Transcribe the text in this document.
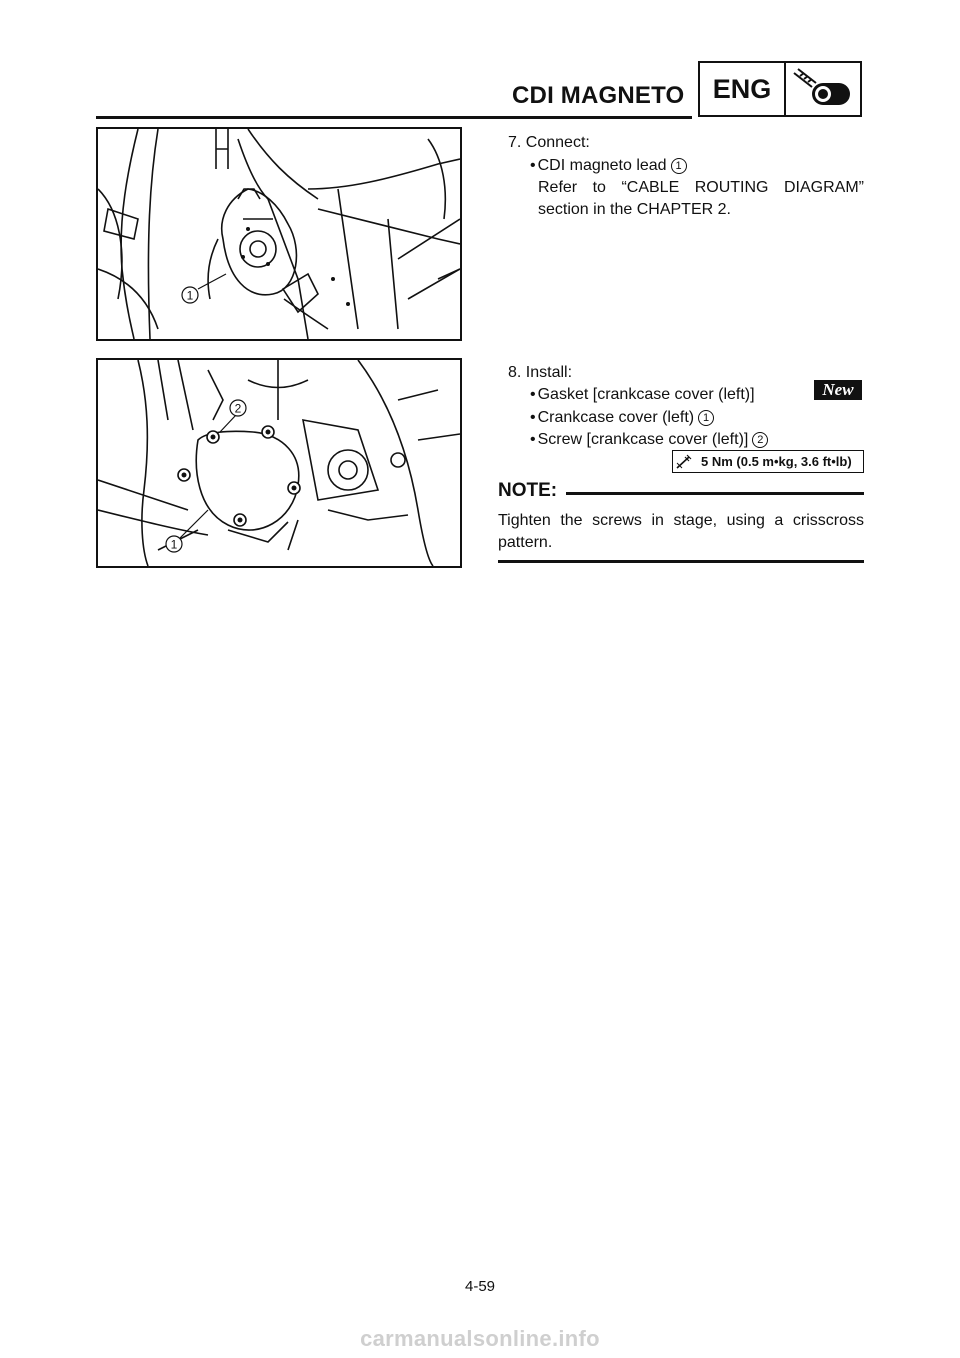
CDI MAGNETO	ENG
1
2
1
7. Connect:
• CDI magneto lead 1
Refer to “CABLE ROUTING DIAGRAM”
section in the CHAPTER 2.
8. Install:
• Gasket [crankcase cover (left)]	New
• Crankcase cover (left) 1
• Screw [crankcase cover (left)] 2
5 Nm (0.5 m•kg, 3.6 ft•lb)
NOTE:
Tighten the screws in stage, using a crisscross pattern.
4-59
carmanualsonline.info
